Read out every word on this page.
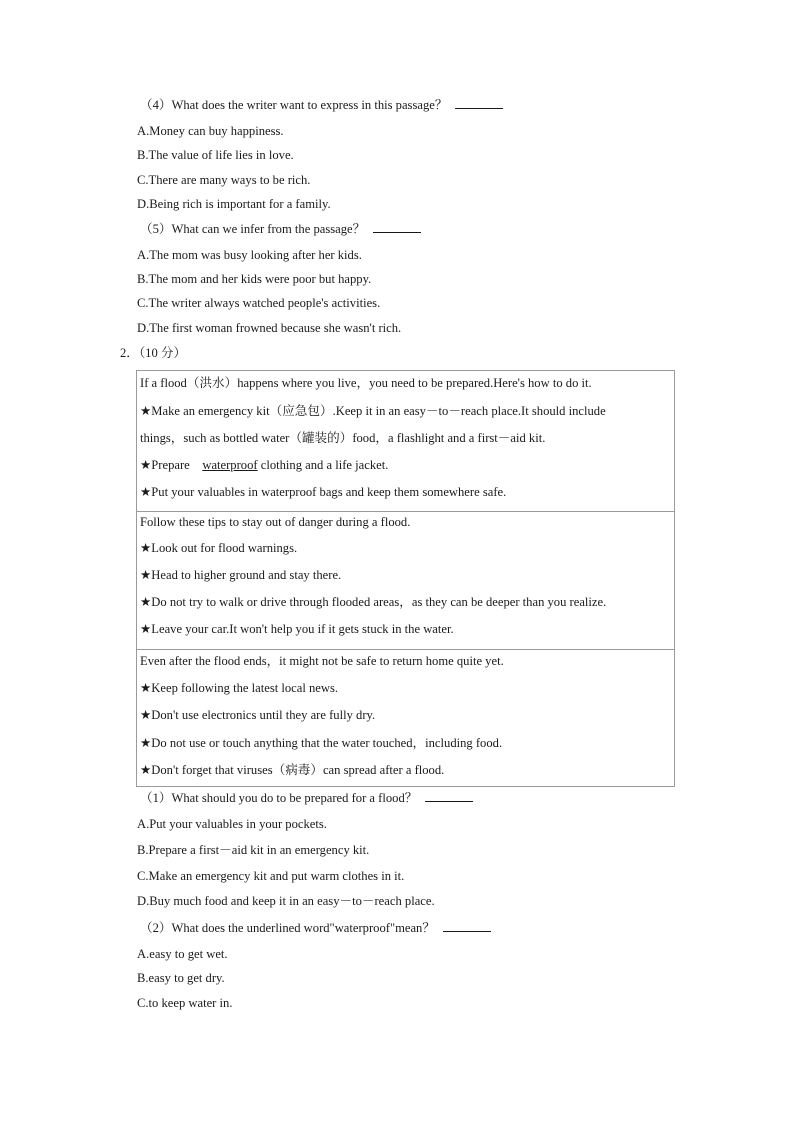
（4）What does the writer want to express in this passage？
A.Money can buy happiness.
B.The value of life lies in love.
C.There are many ways to be rich.
D.Being rich is important for a family.
（5）What can we infer from the passage？
A.The mom was busy looking after her kids.
B.The mom and her kids were poor but happy.
C.The writer always watched people's activities.
D.The first woman frowned because she wasn't rich.
2．（10 分）
If a flood（洪水）happens where you live，you need to be prepared.Here's how to do it.
★Make an emergency kit（应急包）.Keep it in an easy－to－reach place.It should include
things，such as bottled water（罐装的）food，a flashlight and a first－aid kit.
★Prepare waterproof clothing and a life jacket.
★Put your valuables in waterproof bags and keep them somewhere safe.
Follow these tips to stay out of danger during a flood.
★Look out for flood warnings.
★Head to higher ground and stay there.
★Do not try to walk or drive through flooded areas，as they can be deeper than you realize.
★Leave your car.It won't help you if it gets stuck in the water.
Even after the flood ends，it might not be safe to return home quite yet.
★Keep following the latest local news.
★Don't use electronics until they are fully dry.
★Do not use or touch anything that the water touched，including food.
★Don't forget that viruses（病毒）can spread after a flood.
（1）What should you do to be prepared for a flood？
A.Put your valuables in your pockets.
B.Prepare a first－aid kit in an emergency kit.
C.Make an emergency kit and put warm clothes in it.
D.Buy much food and keep it in an easy－to－reach place.
（2）What does the underlined word"waterproof"mean？
A.easy to get wet.
B.easy to get dry.
C.to keep water in.
